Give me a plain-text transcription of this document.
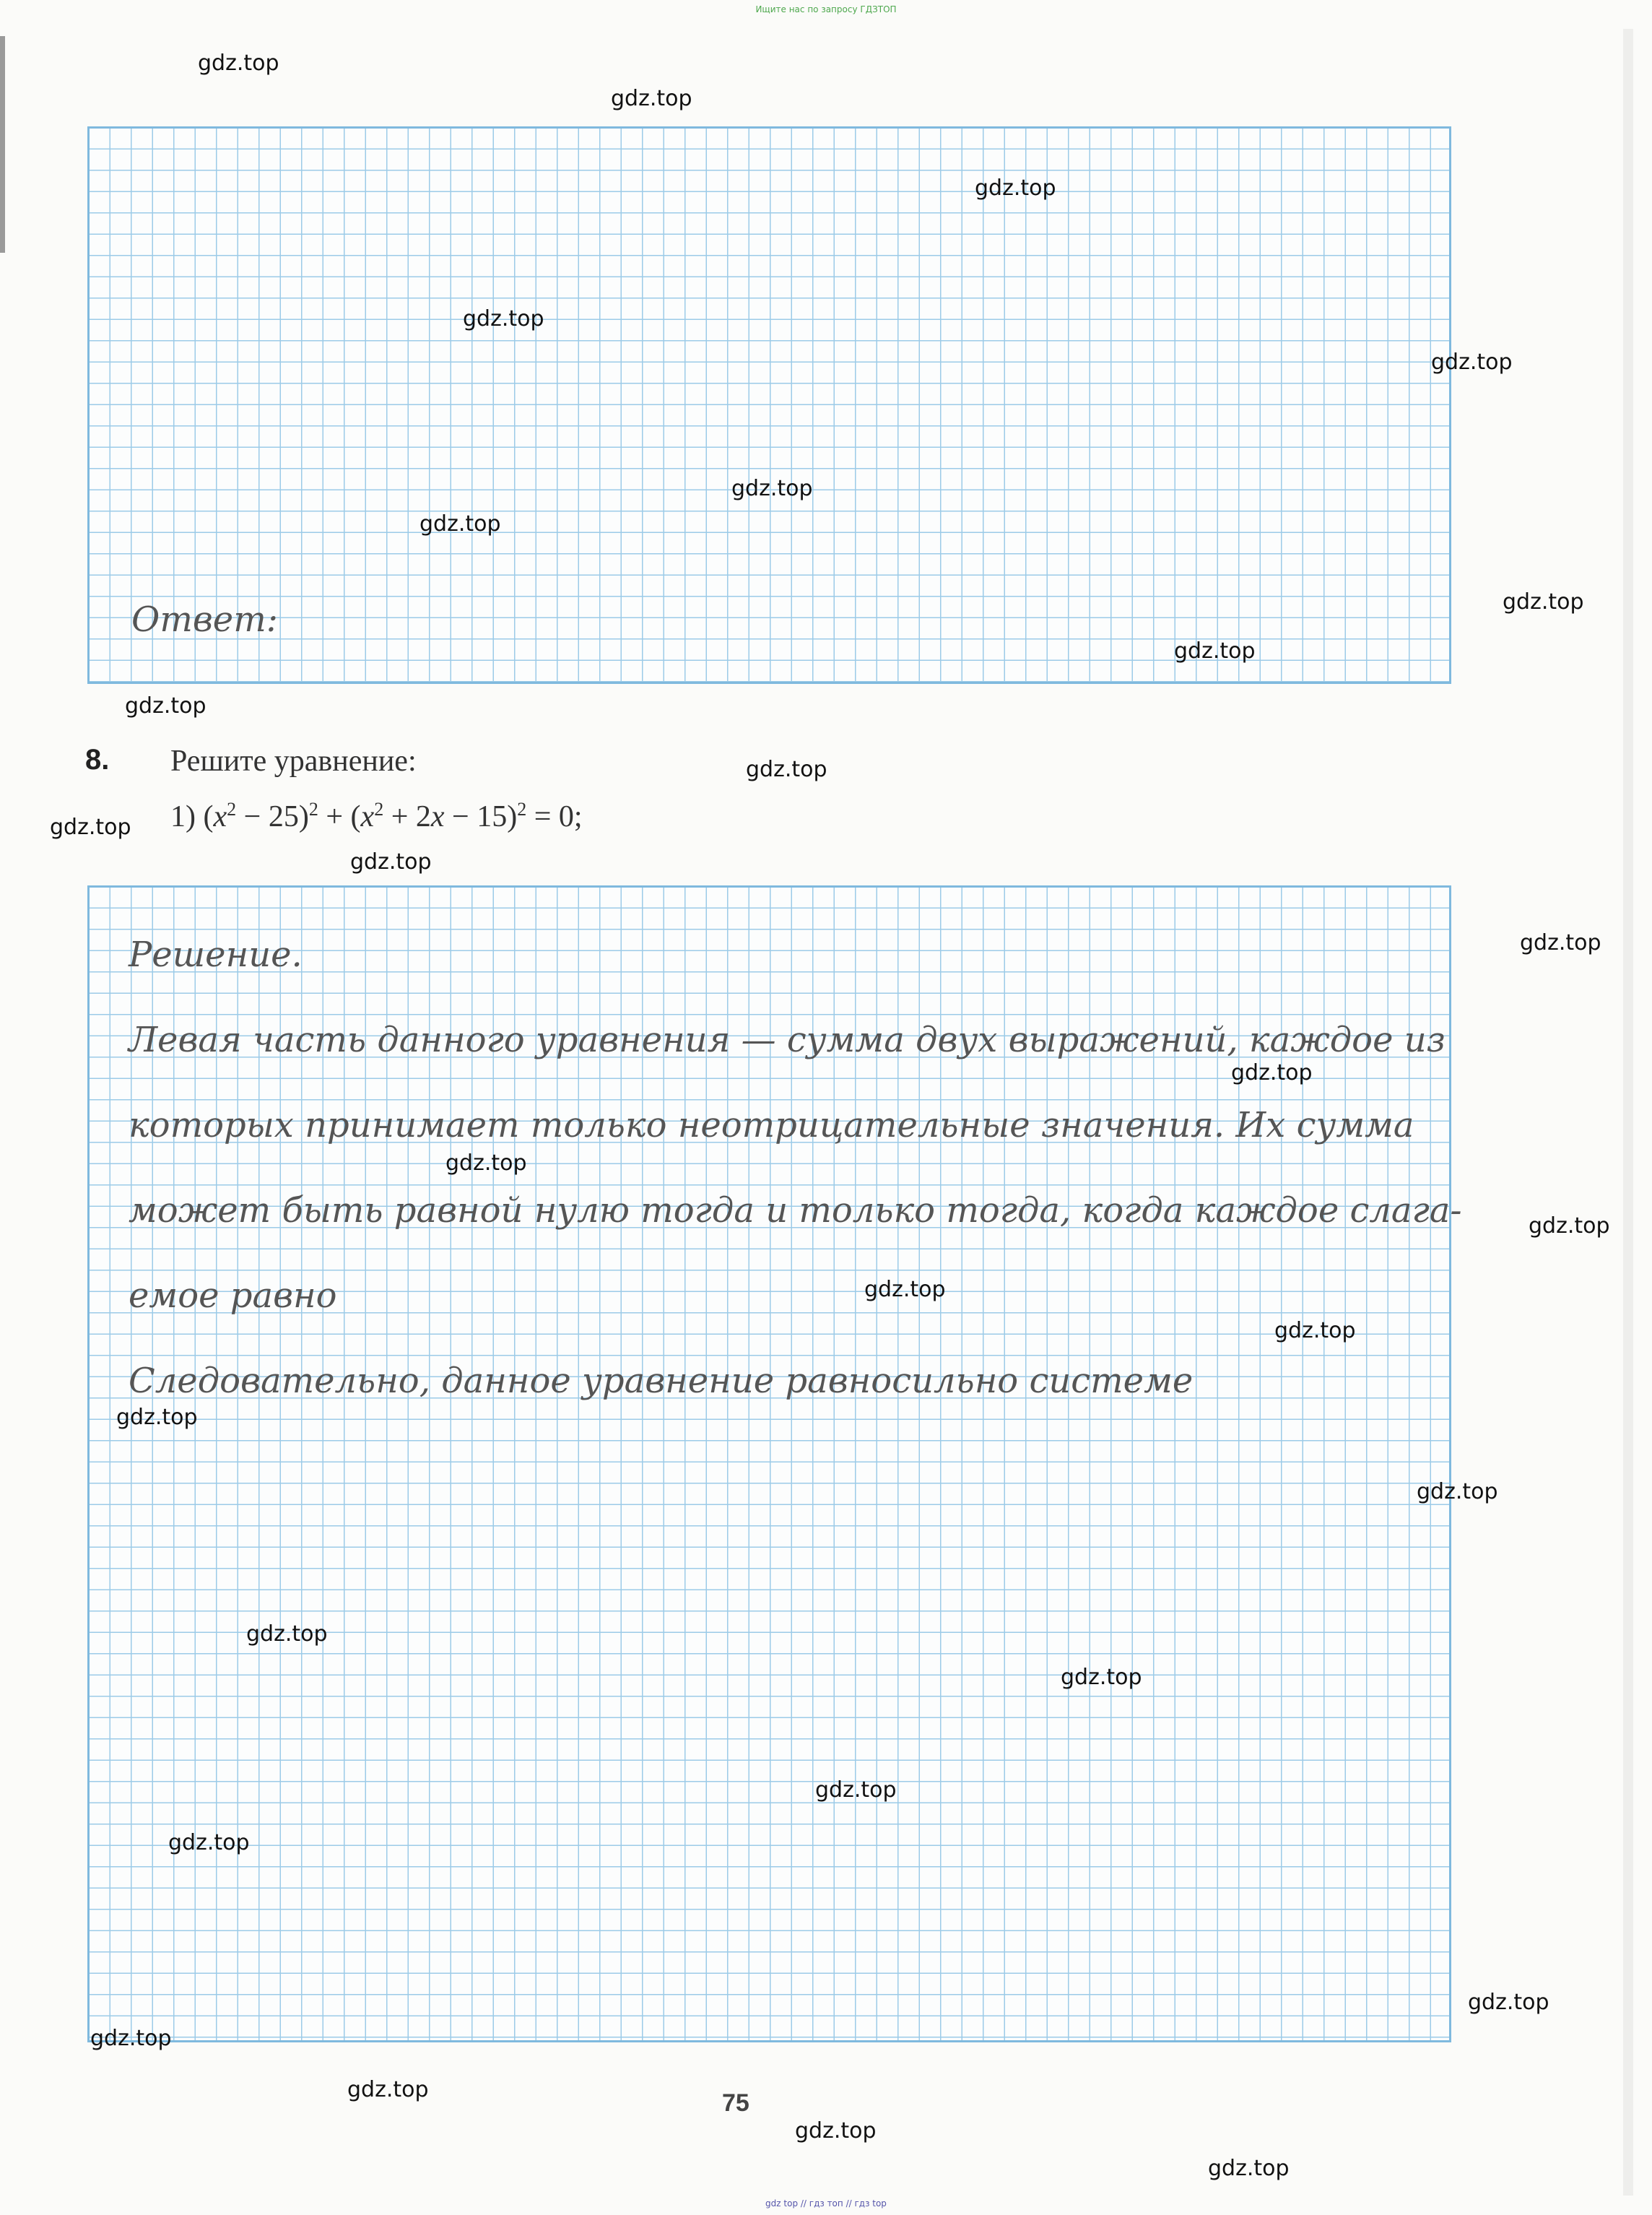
Ищите нас по запросу ГДЗТОП
Ответ:
8. Решите уравнение:
1) $(x^2 - 25)^2 + (x^2 + 2x - 15)^2 = 0$;
Решение.
Левая часть данного уравнения — сумма двух выражений, каждое из
которых принимает только неотрицательные значения. Их сумма
может быть равной нулю тогда и только тогда, когда каждое слага-
емое равно
Следовательно, данное уравнение равносильно системе
75
gdz top // гдз топ // гдз top
gdz.top
gdz.top
gdz.top
gdz.top
gdz.top
gdz.top
gdz.top
gdz.top
gdz.top
gdz.top
gdz.top
gdz.top
gdz.top
gdz.top
gdz.top
gdz.top
gdz.top
gdz.top
gdz.top
gdz.top
gdz.top
gdz.top
gdz.top
gdz.top
gdz.top
gdz.top
gdz.top
gdz.top
gdz.top
gdz.top
